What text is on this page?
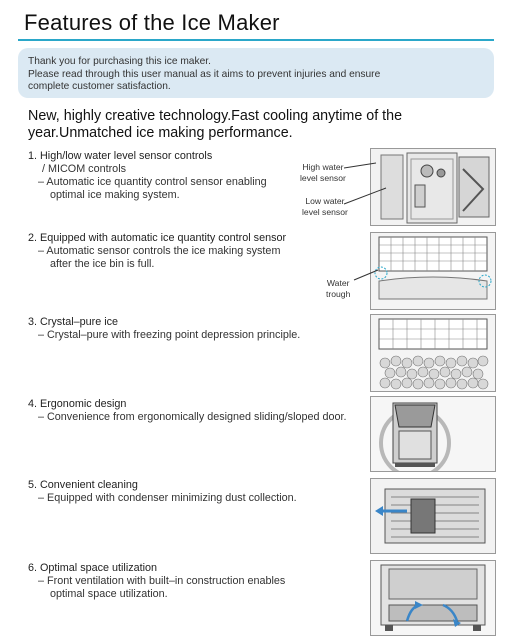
Features of the Ice Maker
Thank you for purchasing this ice maker.
Please read through this user manual as it aims to prevent injuries and ensure
complete customer satisfaction.
New, highly creative technology.Fast cooling anytime of the
year.Unmatched ice making performance.
1. High/low water level sensor controls
/ MICOM controls
– Automatic ice quantity control sensor enabling
optimal ice making system.
High water
level sensor
Low water
level sensor
2. Equipped with automatic ice quantity control sensor
– Automatic sensor controls the ice making system
after the ice bin is full.
Water
trough
3. Crystal–pure ice
– Crystal–pure with freezing point depression principle.
4. Ergonomic design
– Convenience from ergonomically designed sliding/sloped door.
5. Convenient cleaning
– Equipped with condenser minimizing dust collection.
6. Optimal space utilization
– Front ventilation with built–in construction enables
optimal space utilization.
